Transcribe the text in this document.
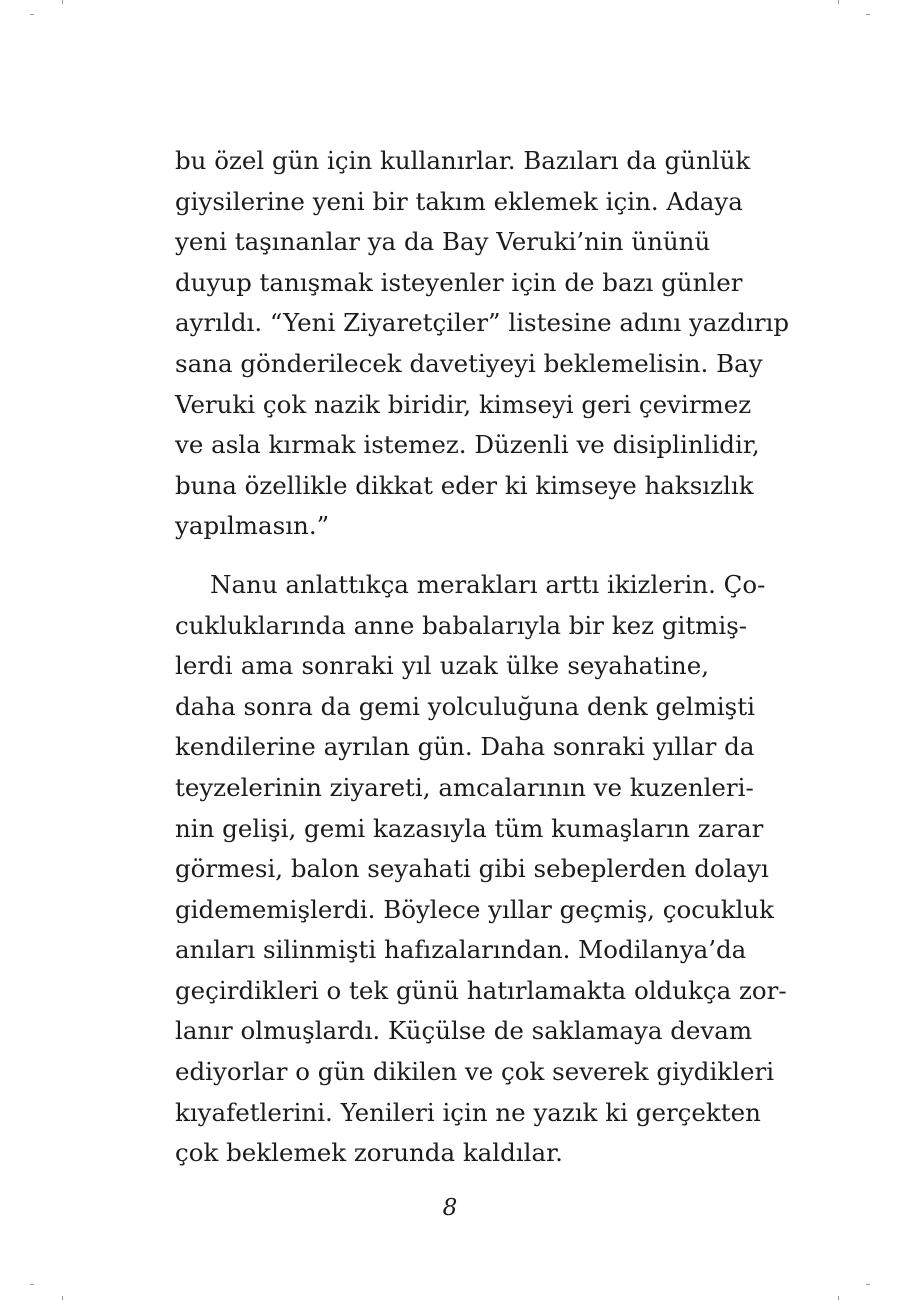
bu özel gün için kullanırlar. Bazıları da günlük
giysilerine yeni bir takım eklemek için. Adaya
yeni taşınanlar ya da Bay Veruki’nin ününü
duyup tanışmak isteyenler için de bazı günler
ayrıldı. “Yeni Ziyaretçiler” listesine adını yazdırıp
sana gönderilecek davetiyeyi beklemelisin. Bay
Veruki çok nazik biridir, kimseyi geri çevirmez
ve asla kırmak istemez. Düzenli ve disiplinlidir,
buna özellikle dikkat eder ki kimseye haksızlık
yapılmasın.”
Nanu anlattıkça merakları arttı ikizlerin. Ço-
cukluklarında anne babalarıyla bir kez gitmiş-
lerdi ama sonraki yıl uzak ülke seyahatine,
daha sonra da gemi yolculuğuna denk gelmişti
kendilerine ayrılan gün. Daha sonraki yıllar da
teyzelerinin ziyareti, amcalarının ve kuzenleri-
nin gelişi, gemi kazasıyla tüm kumaşların zarar
görmesi, balon seyahati gibi sebeplerden dolayı
gidememişlerdi. Böylece yıllar geçmiş, çocukluk
anıları silinmişti hafızalarından. Modilanya’da
geçirdikleri o tek günü hatırlamakta oldukça zor-
lanır olmuşlardı. Küçülse de saklamaya devam
ediyorlar o gün dikilen ve çok severek giydikleri
kıyafetlerini. Yenileri için ne yazık ki gerçekten
çok beklemek zorunda kaldılar.
8
